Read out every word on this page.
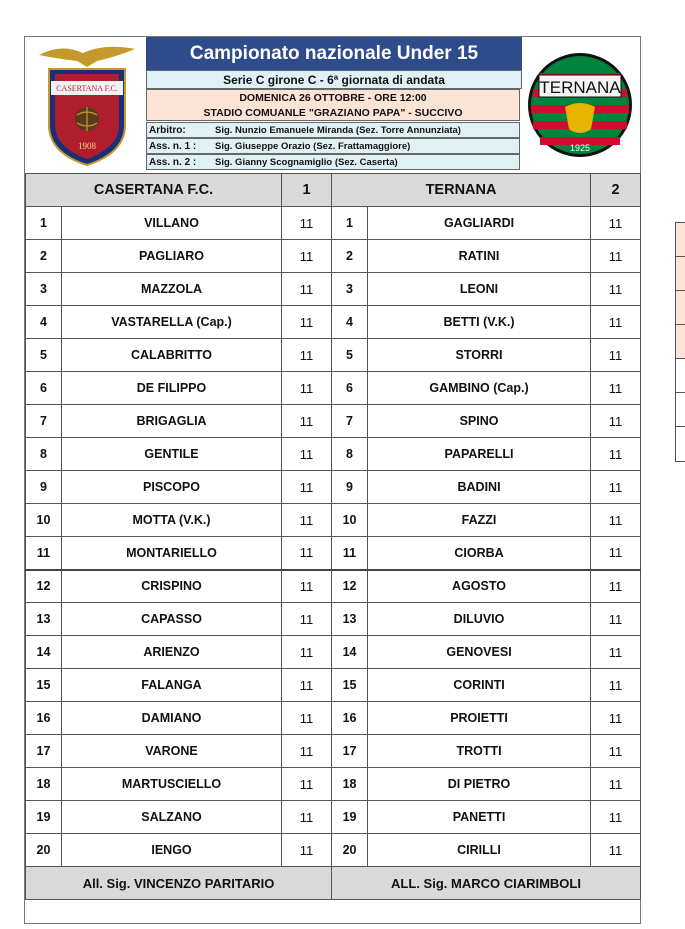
CASERTANA F.C.
1908
Campionato nazionale Under 15
Serie C girone C - 6ª giornata di andata
DOMENICA 26 OTTOBRE - ORE 12:00
STADIO COMUANLE "GRAZIANO PAPA" - SUCCIVO
Arbitro:	Sig. Nunzio Emanuele Miranda (Sez. Torre Annunziata)
Ass. n. 1 :	Sig. Giuseppe Orazio (Sez. Frattamaggiore)
Ass. n. 2 :	Sig. Gianny Scognamiglio (Sez. Caserta)
TERNANA
1925
CASERTANA F.C.		1	TERNANA		2
1	VILLANO	11	1	GAGLIARDI	11
2	PAGLIARO	11	2	RATINI	11
3	MAZZOLA	11	3	LEONI	11
4	VASTARELLA (Cap.)	11	4	BETTI (V.K.)	11
5	CALABRITTO	11	5	STORRI	11
6	DE FILIPPO	11	6	GAMBINO (Cap.)	11
7	BRIGAGLIA	11	7	SPINO	11
8	GENTILE	11	8	PAPARELLI	11
9	PISCOPO	11	9	BADINI	11
10	MOTTA (V.K.)	11	10	FAZZI	11
11	MONTARIELLO	11	11	CIORBA	11
12	CRISPINO	11	12	AGOSTO	11
13	CAPASSO	11	13	DILUVIO	11
14	ARIENZO	11	14	GENOVESI	11
15	FALANGA	11	15	CORINTI	11
16	DAMIANO	11	16	PROIETTI	11
17	VARONE	11	17	TROTTI	11
18	MARTUSCIELLO	11	18	DI PIETRO	11
19	SALZANO	11	19	PANETTI	11
20	IENGO	11	20	CIRILLI	11
All. Sig. VINCENZO PARITARIO			ALL. Sig. MARCO CIARIMBOLI		
